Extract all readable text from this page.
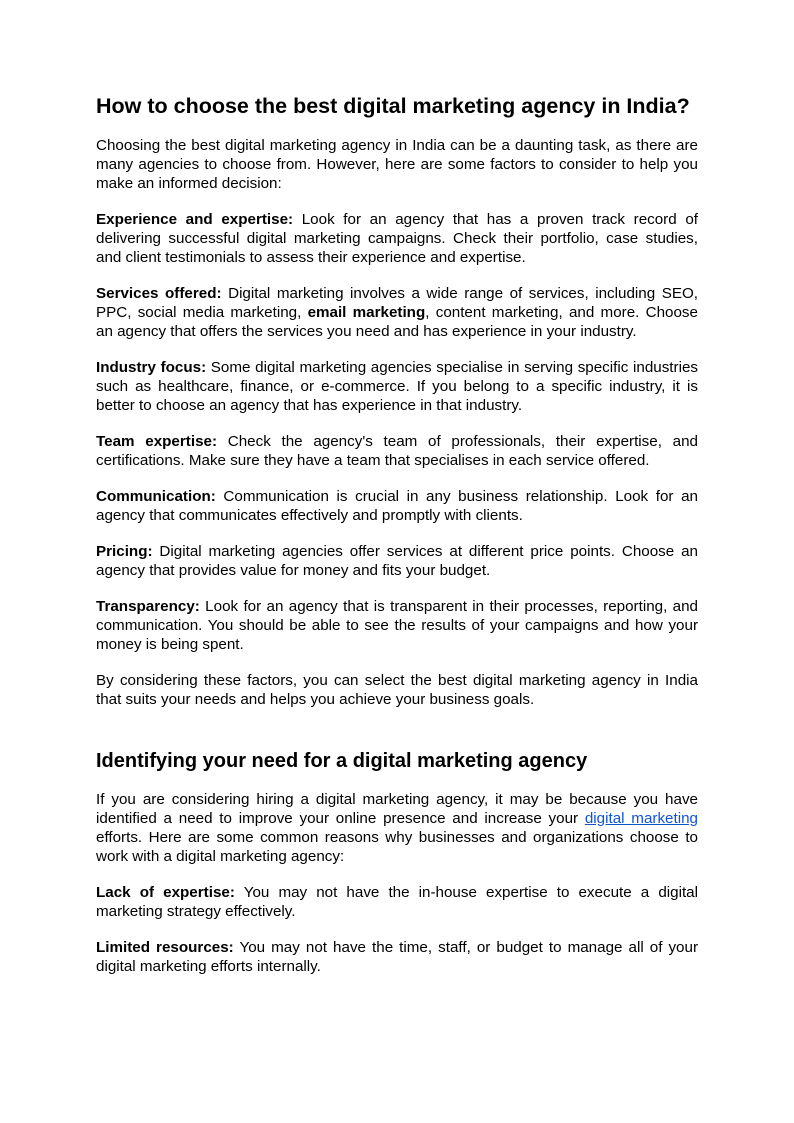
How to choose the best digital marketing agency in India?

Choosing the best digital marketing agency in India can be a daunting task, as there are many agencies to choose from. However, here are some factors to consider to help you make an informed decision:

Experience and expertise: Look for an agency that has a proven track record of delivering successful digital marketing campaigns. Check their portfolio, case studies, and client testimonials to assess their experience and expertise.

Services offered: Digital marketing involves a wide range of services, including SEO, PPC, social media marketing, email marketing, content marketing, and more. Choose an agency that offers the services you need and has experience in your industry.

Industry focus: Some digital marketing agencies specialise in serving specific industries such as healthcare, finance, or e-commerce. If you belong to a specific industry, it is better to choose an agency that has experience in that industry.

Team expertise: Check the agency's team of professionals, their expertise, and certifications. Make sure they have a team that specialises in each service offered.

Communication: Communication is crucial in any business relationship. Look for an agency that communicates effectively and promptly with clients.

Pricing: Digital marketing agencies offer services at different price points. Choose an agency that provides value for money and fits your budget.

Transparency: Look for an agency that is transparent in their processes, reporting, and communication. You should be able to see the results of your campaigns and how your money is being spent.

By considering these factors, you can select the best digital marketing agency in India that suits your needs and helps you achieve your business goals.

Identifying your need for a digital marketing agency

If you are considering hiring a digital marketing agency, it may be because you have identified a need to improve your online presence and increase your digital marketing efforts. Here are some common reasons why businesses and organizations choose to work with a digital marketing agency:

Lack of expertise: You may not have the in-house expertise to execute a digital marketing strategy effectively.

Limited resources: You may not have the time, staff, or budget to manage all of your digital marketing efforts internally.
